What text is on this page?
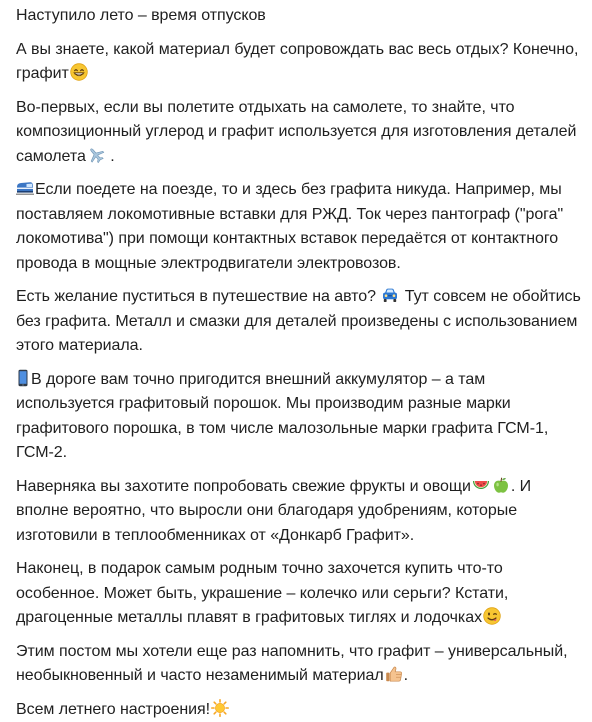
Наступило лето – время отпусков

А вы знаете, какой материал будет сопровождать вас весь отдых? Конечно,
графит

Во-первых, если вы полетите отдыхать на самолете, то знайте, что
композиционный углерод и графит используется для изготовления деталей
самолета
.

Если поедете на поезде, то и здесь без графита никуда. Например, мы
поставляем локомотивные вставки для РЖД. Ток через пантограф ("рога"
локомотива") при помощи контактных вставок передаётся от контактного
провода в мощные электродвигатели электровозов.

Есть желание пуститься в путешествие на авто?
Тут совсем не обойтись
без графита. Металл и смазки для деталей произведены с использованием
этого материала.

В дороге вам точно пригодится внешний аккумулятор – а там
используется графитовый порошок. Мы производим разные марки
графитового порошка, в том числе малозольные марки графита ГСМ-1,
ГСМ-2.

Наверняка вы захотите попробовать свежие фрукты и овощи	. И
вполне вероятно, что выросли они благодаря удобрениям, которые
изготовили в теплообменниках от «Донкарб Графит».

Наконец, в подарок самым родным точно захочется купить что-то
особенное. Может быть, украшение – колечко или серьги? Кстати,
драгоценные металлы плавят в графитовых тиглях и лодочках

Этим постом мы хотели еще раз напомнить, что графит – универсальный,
необыкновенный и часто незаменимый материал .

Всем летнего настроения!
